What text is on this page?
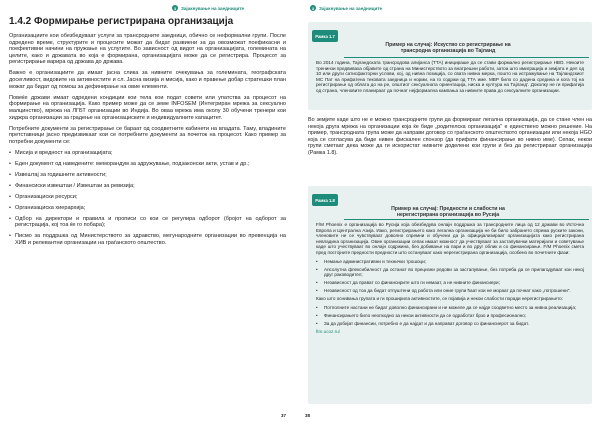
3	Зајакнување на заедниците
1.4.2 Формирање регистрирана организација

Организациите кои обезбедуваат услуги за трансродните заедници, обично се неформални групи. После одредено време, структурите и процесите можат да бидат развиени за да овозможат поефикасни и поефективни начини на пружање на услугите. Во зависност од видот на организацијата, големината на целите, како и државата во која е формирана, организацијата може да се регистрира. Процесот за регистрирање варира од држава до држава.

Важно е организациите да имаат јасна слика за нивните очекувања за големината, географската досегливост, видовите на активностите и сл. Јасна визија и мисија, како и правење добар стратешки план можат да бидат од помош за дефинирање на овие елементи.

Повеќе држави имаат одредени кондиции кои тела кои подат совети или упатства за процесот на формирање на организација. Како пример може да се земе INFOSEM (Интегриран мрежа за сексуално малцинство), мрежа на ЛГБТ организации во Индија. Во оваа мрежа има околу 30 обучени тренери кои хиджра организации за градење на организациските и индивидуалните капацитет.

Потребните документи за регистрирање се бараат од соодветните кабинети на владата. Таму, владините претставници јасно предизвикаат кои се потребните документи за почеток на процесот. Како пример за потребни документи се:

• Мисија и вредност на организацијата;
• Еден документ од наведените: меморандум за здружување, подзаконски акти, устав и др.;
• Извештај за годишните активности;
• Финансиски извештаи / Извештаи за ревизија;
• Организациски ресурси;
• Организациска хиерархија;
• Одбор на директори и правила и прописи со кои се регулира одборот (бројот на одборот за регистрација, кој тоа ќе го побара);
• Писмо за поддршка од Министерството за здравство, мегународните организации во превенција на ХИВ и релевантни организации на граѓанското општество.
37
3	Зајакнување на заедниците
Рамка 1.7
Пример на случај: Искуство со регистрирање на
трансродна организација во Тајланд

Во 2014 година, Тајландската трансродова алијанса (ТТА) иницираше да се стави формално регистрирање НВО. Некоите тренинзи предвиваха објавите од страна на Министерството за внатрешни работи, затоа што имиграција и земјата е дел од 10 или други сатисфакторни услови, кој, од нивна позиција, со свата нивна мерка, пошто на истражување на Тајландскиот МС Пат на прифатена тековата заедница и норми, на го содржи од ТТА име. МВР било со дадена средина и кога тој на регистрирање од облата до на ре, општиот сексуалната ориентација, ниска и култура на Тајланд'. Доколку не ги прифатија од страна, членовите планираат да почнат нејформална кампања за нивните права до сексуалните организации.

Во земјите каде што не е можно трансродните групи да формираат легална организација, да се стане член на некоја друга мрежа на организации која ќе биде „родителска организација" е единствено можно решение. На пример, трансродната група може да направи договор со граѓанското општеството организации или некоја НGO која се согласува да биде нивен фискален спонзор (да прифати финансирање во нивно име). Сепак, некои групи сметаат дека може да ги искористат нивните доделени кои групи и без да регистрираат организација (Рамка 1.8).
Рамка 1.8
Пример на случај: Предности и слабости на
нерегистрирана организација во Русија

F/M Phoenix е организација во Русија која обезбедува онлајн поддршка за трансродните лица од 12 држави во Источна Европа и Централна Азија. Иако, регистрирањето како легална организација не би било забрането спрема руските закони, членовите не се чувствуваат доволно спремни и обучени да ја официјализираат организацијата како регистрирана невладина организација. Овие организации сепак имаат можност да учествуваат за застапувачки материјали и советување каде што учествуваат во онлајн содржина, без добивање на пари и во друг облик и со финансирање. F/M Phoenix смета пред постојните предности предности што остануваат како нерегистрирана организација, особено во почетните фази:

• Немање административни и технички трошоци;
• Апсолутна флексибилност да останат во прецизни редови за застапување, без потреба да се прилагодуваат кон некој друг раководител;
• Независност да прават со финансирите што ги немаат, а не нивните финансиери;
• Независност од тоа да бидат отпуштени од работа или оние групи ћаат кои не мораат да почнат како „потрошени".

Како што оснивања групата и ги проширила активностите, се појавија и некои слабости поради нерегистрирањето:

• Потполните настани не бидат доволно финансирани и не можеле да се најде соодветно место за нивна реализација;
• Финансирањето било неопходно за некои активности да се одработат брзо и професионално;
• За да добијат финансии, потребно е да најдат и дa направат договор со финансиерот за бидат.

ftm.ucoz.ru/

38
